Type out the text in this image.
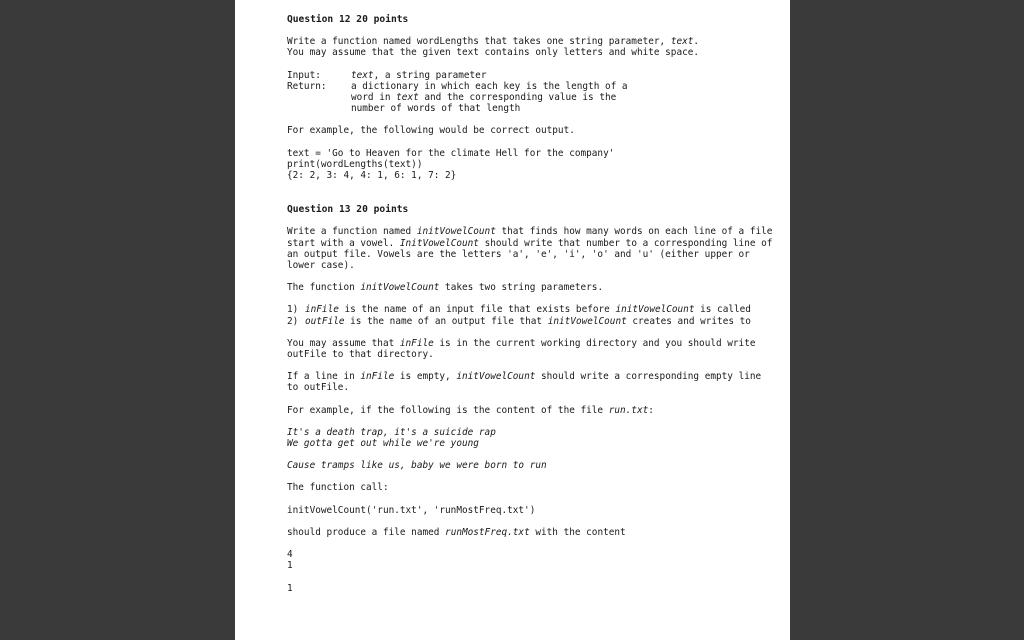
Question 12 20 points
Write a function named wordLengths that takes one string parameter, text.
You may assume that the given text contains only letters and white space.
Input:	text, a string parameter
Return:	a dictionary in which each key is the length of a word in text and the corresponding value is the number of words of that length
For example, the following would be correct output.
text = 'Go to Heaven for the climate Hell for the company'
print(wordLengths(text))
{2: 2, 3: 4, 4: 1, 6: 1, 7: 2}
Question 13 20 points
Write a function named initVowelCount that finds how many words on each line of a file start with a vowel. InitVowelCount should write that number to a corresponding line of an output file. Vowels are the letters 'a', 'e', 'i', 'o' and 'u' (either upper or lower case).
The function initVowelCount takes two string parameters.
1) inFile is the name of an input file that exists before initVowelCount is called
2) outFile is the name of an output file that initVowelCount creates and writes to
You may assume that inFile is in the current working directory and you should write outFile to that directory.
If a line in inFile is empty, initVowelCount should write a corresponding empty line to outFile.
For example, if the following is the content of the file run.txt:
It's a death trap, it's a suicide rap
We gotta get out while we're young
Cause tramps like us, baby we were born to run
The function call:
initVowelCount('run.txt', 'runMostFreq.txt')
should produce a file named runMostFreq.txt with the content
4
1
1
